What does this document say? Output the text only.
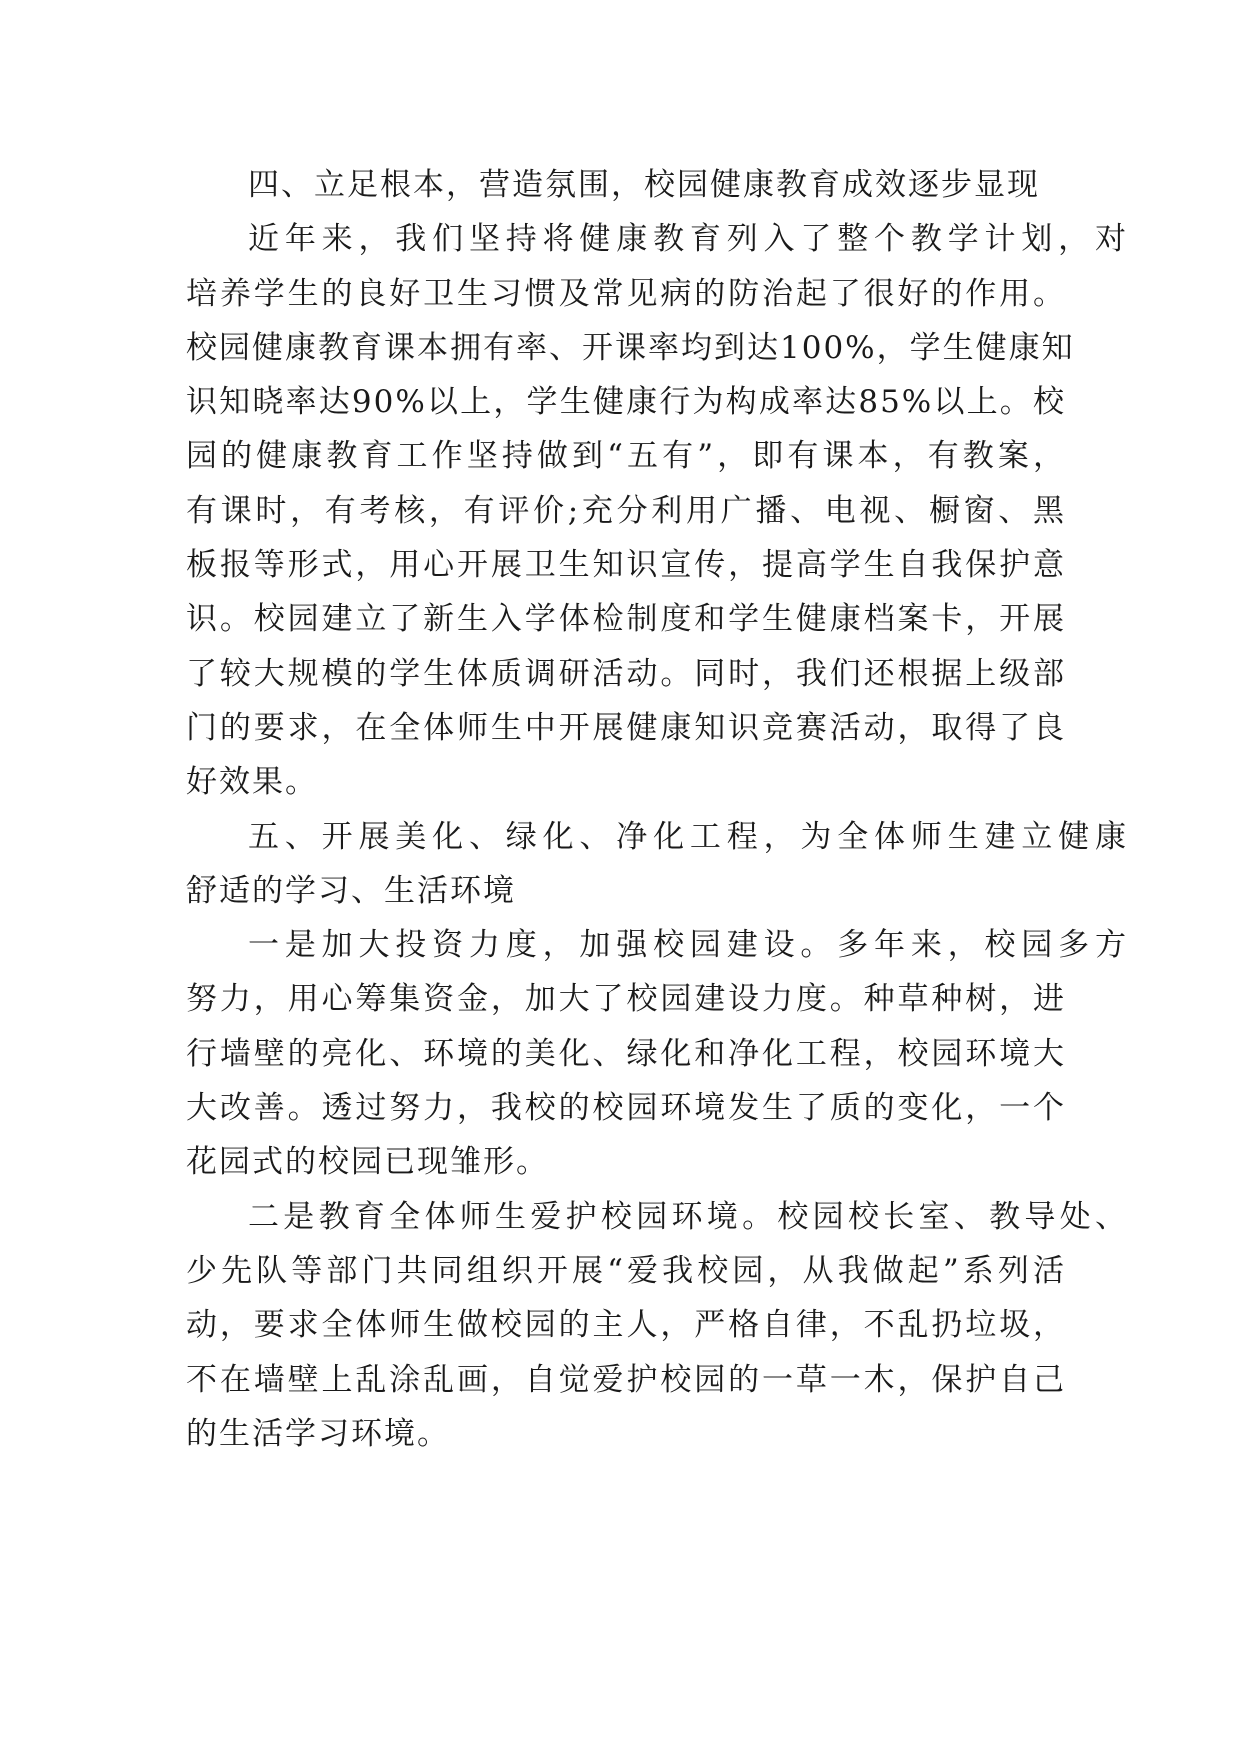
四、立足根本，营造氛围，校园健康教育成效逐步显现
近年来，我们坚持将健康教育列入了整个教学计划，对
培养学生的良好卫生习惯及常见病的防治起了很好的作用。
校园健康教育课本拥有率、开课率均到达100%，学生健康知
识知晓率达90%以上，学生健康行为构成率达85%以上。校
园的健康教育工作坚持做到“五有”，即有课本，有教案，
有课时，有考核，有评价;充分利用广播、电视、橱窗、黑
板报等形式，用心开展卫生知识宣传，提高学生自我保护意
识。校园建立了新生入学体检制度和学生健康档案卡，开展
了较大规模的学生体质调研活动。同时，我们还根据上级部
门的要求，在全体师生中开展健康知识竞赛活动，取得了良
好效果。
五、开展美化、绿化、净化工程，为全体师生建立健康
舒适的学习、生活环境
一是加大投资力度，加强校园建设。多年来，校园多方
努力，用心筹集资金，加大了校园建设力度。种草种树，进
行墙壁的亮化、环境的美化、绿化和净化工程，校园环境大
大改善。透过努力，我校的校园环境发生了质的变化，一个
花园式的校园已现雏形。
二是教育全体师生爱护校园环境。校园校长室、教导处、
少先队等部门共同组织开展“爱我校园，从我做起”系列活
动，要求全体师生做校园的主人，严格自律，不乱扔垃圾，
不在墙壁上乱涂乱画，自觉爱护校园的一草一木，保护自己
的生活学习环境。
